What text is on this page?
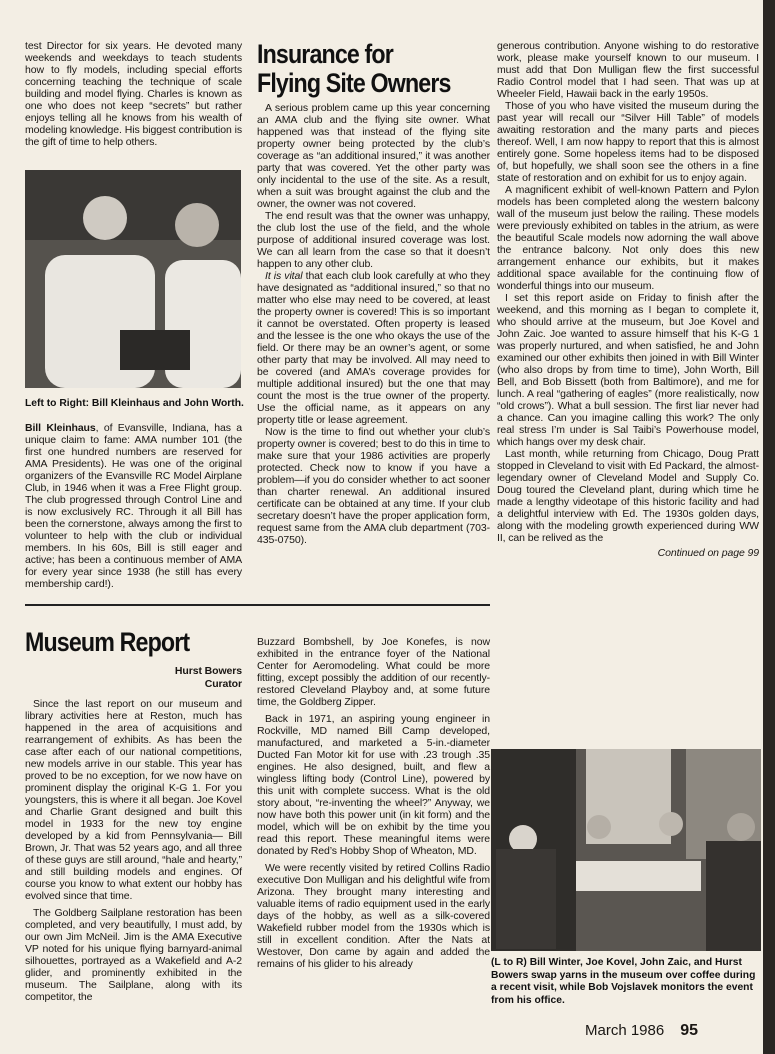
test Director for six years. He devoted many weekends and weekdays to teach students how to fly models, including special efforts concerning teaching the technique of scale building and model flying. Charles is known as one who does not keep “secrets” but rather enjoys telling all he knows from his wealth of modeling knowledge. His biggest contribution is the gift of time to help others.

Left to Right: Bill Kleinhaus and John Worth.

Bill Kleinhaus, of Evansville, Indiana, has a unique claim to fame: AMA number 101 (the first one hundred numbers are reserved for AMA Presidents). He was one of the original organizers of the Evansville RC Model Airplane Club, in 1946 when it was a Free Flight group. The club progressed through Control Line and is now exclusively RC. Through it all Bill has been the cornerstone, always among the first to volunteer to help with the club or individual members. In his 60s, Bill is still eager and active; has been a continuous member of AMA for every year since 1938 (he still has every membership card!).

Insurance for
Flying Site Owners

A serious problem came up this year concerning an AMA club and the flying site owner. What happened was that instead of the flying site property owner being protected by the club’s coverage as “an additional insured,” it was another party that was covered. Yet the other party was only incidental to the use of the site. As a result, when a suit was brought against the club and the owner, the owner was not covered.

The end result was that the owner was unhappy, the club lost the use of the field, and the whole purpose of additional insured coverage was lost. We can all learn from the case so that it doesn’t happen to any other club.

It is vital that each club look carefully at who they have designated as “additional insured,” so that no matter who else may need to be covered, at least the property owner is covered! This is so important it cannot be overstated. Often property is leased and the lessee is the one who okays the use of the field. Or there may be an owner’s agent, or some other party that may be involved. All may need to be covered (and AMA’s coverage provides for multiple additional insured) but the one that may count the most is the true owner of the property. Use the official name, as it appears on any property title or lease agreement.

Now is the time to find out whether your club’s property owner is covered; best to do this in time to make sure that your 1986 activities are properly protected. Check now to know if you have a problem—if you do consider whether to act sooner than charter renewal. An additional insured certificate can be obtained at any time. If your club secretary doesn’t have the proper application form, request same from the AMA club department (703-435-0750).

Museum Report
Hurst Bowers
Curator

Since the last report on our museum and library activities here at Reston, much has happened in the area of acquisitions and rearrangement of exhibits. As has been the case after each of our national competitions, new models arrive in our stable. This year has proved to be no exception, for we now have on prominent display the original K-G 1. For you youngsters, this is where it all began. Joe Kovel and Charlie Grant designed and built this model in 1933 for the new toy engine developed by a kid from Pennsylvania— Bill Brown, Jr. That was 52 years ago, and all three of these guys are still around, “hale and hearty,” and still building models and engines. Of course you know to what extent our hobby has evolved since that time.

The Goldberg Sailplane restoration has been completed, and very beautifully, I must add, by our own Jim McNeil. Jim is the AMA Executive VP noted for his unique flying barnyard-animal silhouettes, portrayed as a Wakefield and A-2 glider, and prominently exhibited in the museum. The Sailplane, along with its competitor, the

Buzzard Bombshell, by Joe Konefes, is now exhibited in the entrance foyer of the National Center for Aeromodeling. What could be more fitting, except possibly the addition of our recently-restored Cleveland Playboy and, at some future time, the Goldberg Zipper.

Back in 1971, an aspiring young engineer in Rockville, MD named Bill Camp developed, manufactured, and marketed a 5-in.-diameter Ducted Fan Motor kit for use with .23 trough .35 engines. He also designed, built, and flew a wingless lifting body (Control Line), powered by this unit with complete success. What is the old story about, “re-inventing the wheel?” Anyway, we now have both this power unit (in kit form) and the model, which will be on exhibit by the time you read this report. These meaningful items were donated by Red’s Hobby Shop of Wheaton, MD.

We were recently visited by retired Collins Radio executive Don Mulligan and his delightful wife from Arizona. They brought many interesting and valuable items of radio equipment used in the early days of the hobby, as well as a silk-covered Wakefield rubber model from the 1930s which is still in excellent condition. After the Nats at Westover, Don came by again and added the remains of his glider to his already

generous contribution. Anyone wishing to do restorative work, please make yourself known to our museum. I must add that Don Mulligan flew the first successful Radio Control model that I had seen. That was up at Wheeler Field, Hawaii back in the early 1950s.

Those of you who have visited the museum during the past year will recall our “Silver Hill Table” of models awaiting restoration and the many parts and pieces thereof. Well, I am now happy to report that this is almost entirely gone. Some hopeless items had to be disposed of, but hopefully, we shall soon see the others in a fine state of restoration and on exhibit for us to enjoy again.

A magnificent exhibit of well-known Pattern and Pylon models has been completed along the western balcony wall of the museum just below the railing. These models were previously exhibited on tables in the atrium, as were the beautiful Scale models now adorning the wall above the entrance balcony. Not only does this new arrangement enhance our exhibits, but it makes additional space available for the continuing flow of wonderful things into our museum.

I set this report aside on Friday to finish after the weekend, and this morning as I began to complete it, who should arrive at the museum, but Joe Kovel and John Zaic. Joe wanted to assure himself that his K-G 1 was properly nurtured, and when satisfied, he and John examined our other exhibits then joined in with Bill Winter (who also drops by from time to time), John Worth, Bill Bell, and Bob Bissett (both from Baltimore), and me for lunch. A real “gathering of eagles” (more realistically, now “old crows”). What a bull session. The first liar never had a chance. Can you imagine calling this work? The only real stress I’m under is Sal Taibi’s Powerhouse model, which hangs over my desk chair.

Last month, while returning from Chicago, Doug Pratt stopped in Cleveland to visit with Ed Packard, the almost-legendary owner of Cleveland Model and Supply Co. Doug toured the Cleveland plant, during which time he made a lengthy videotape of this historic facility and had a delightful interview with Ed. The 1930s golden days, along with the modeling growth experienced during WW II, can be relived as the

Continued on page 99

(L to R) Bill Winter, Joe Kovel, John Zaic, and Hurst Bowers swap yarns in the museum over coffee during a recent visit, while Bob Vojslavek monitors the event from his office.
March 1986 95
